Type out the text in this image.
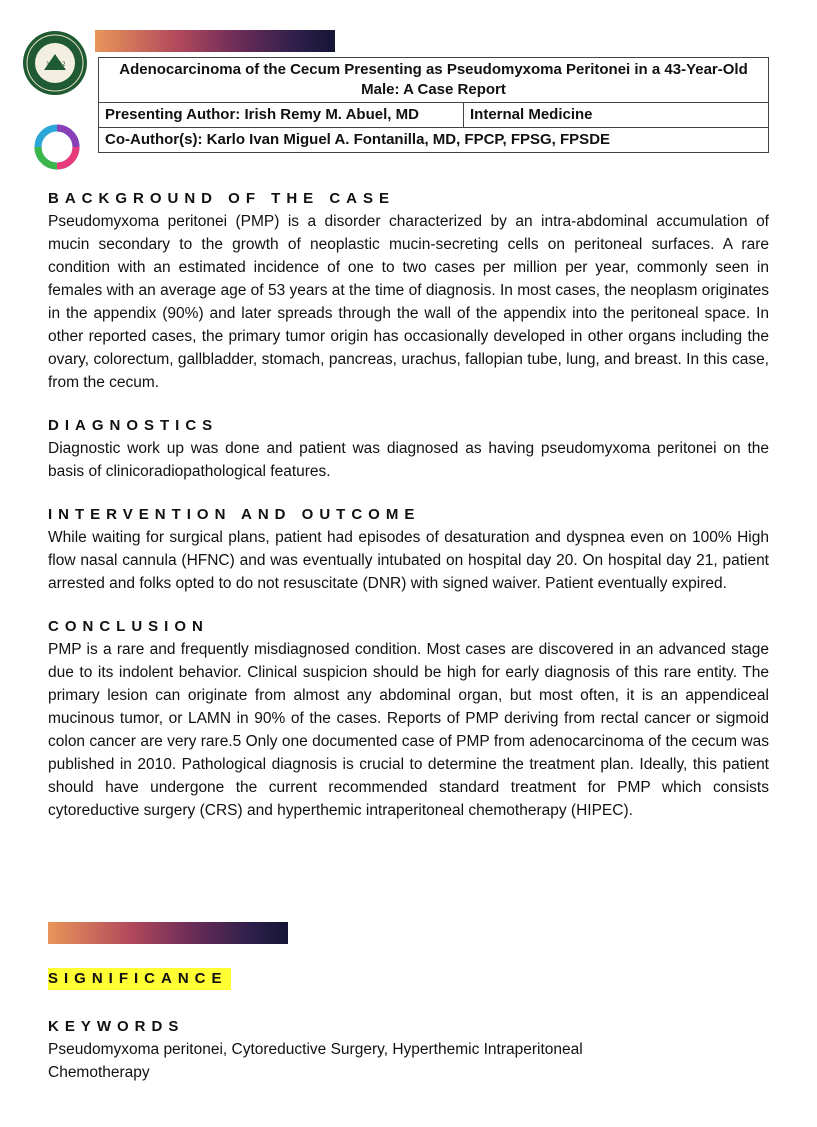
19 92	Adenocarcinoma of the Cecum Presenting as Pseudomyxoma Peritonei in a 43-Year-Old Male: A Case Report
Presenting Author: Irish Remy M. Abuel, MD	Internal Medicine
Co-Author(s): Karlo Ivan Miguel A. Fontanilla, MD, FPCP, FPSG, FPSDE

BACKGROUND OF THE CASE

Pseudomyxoma peritonei (PMP) is a disorder characterized by an intra-abdominal accumulation of mucin secondary to the growth of neoplastic mucin-secreting cells on peritoneal surfaces. A rare condition with an estimated incidence of one to two cases per million per year, commonly seen in females with an average age of 53 years at the time of diagnosis. In most cases, the neoplasm originates in the appendix (90%) and later spreads through the wall of the appendix into the peritoneal space. In other reported cases, the primary tumor origin has occasionally developed in other organs including the ovary, colorectum, gallbladder, stomach, pancreas, urachus, fallopian tube, lung, and breast. In this case, from the cecum.

DIAGNOSTICS

Diagnostic work up was done and patient was diagnosed as having pseudomyxoma peritonei on the basis of clinicoradiopathological features.

INTERVENTION AND OUTCOME

While waiting for surgical plans, patient had episodes of desaturation and dyspnea even on 100% High flow nasal cannula (HFNC) and was eventually intubated on hospital day 20. On hospital day 21, patient arrested and folks opted to do not resuscitate (DNR) with signed waiver. Patient eventually expired.

CONCLUSION

PMP is a rare and frequently misdiagnosed condition. Most cases are discovered in an advanced stage due to its indolent behavior. Clinical suspicion should be high for early diagnosis of this rare entity. The primary lesion can originate from almost any abdominal organ, but most often, it is an appendiceal mucinous tumor, or LAMN in 90% of the cases. Reports of PMP deriving from rectal cancer or sigmoid colon cancer are very rare.5 Only one documented case of PMP from adenocarcinoma of the cecum was published in 2010. Pathological diagnosis is crucial to determine the treatment plan. Ideally, this patient should have undergone the current recommended standard treatment for PMP which consists cytoreductive surgery (CRS) and hyperthemic intraperitoneal chemotherapy (HIPEC).

SIGNIFICANCE

KEYWORDS

Pseudomyxoma peritonei, Cytoreductive Surgery, Hyperthemic Intraperitoneal Chemotherapy
